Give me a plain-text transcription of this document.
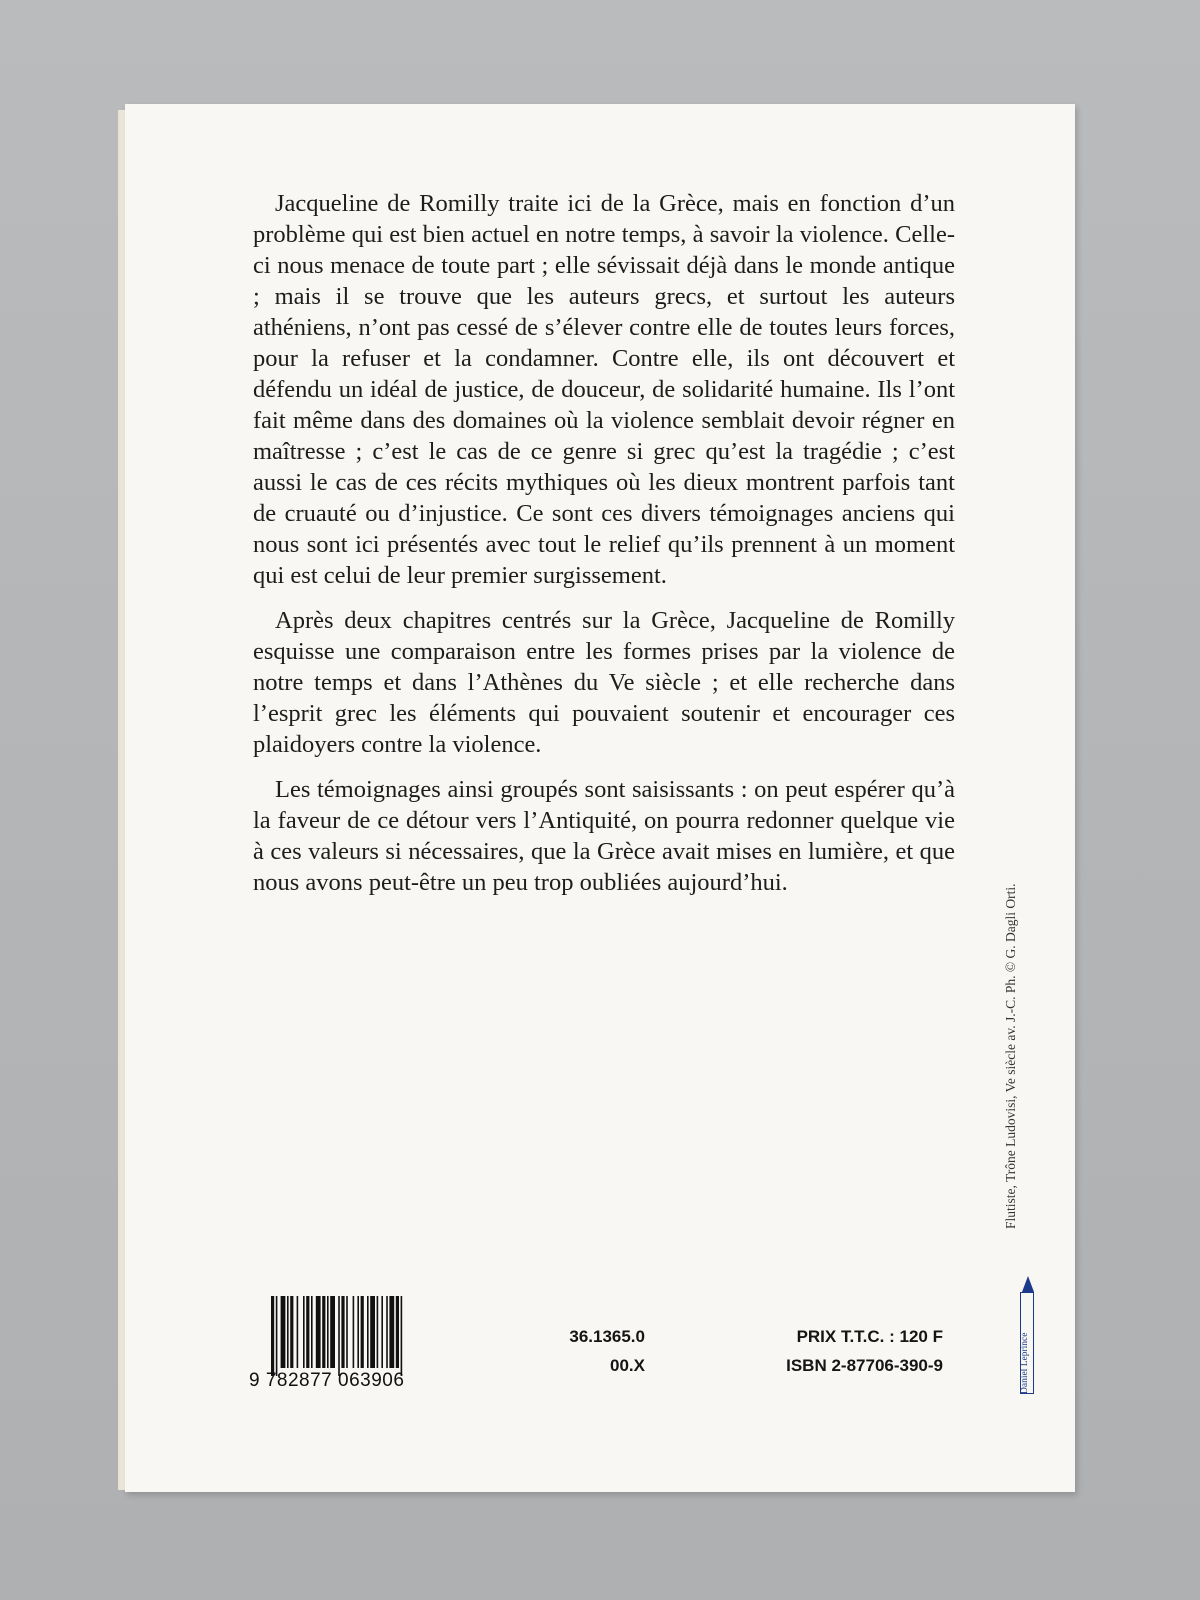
Jacqueline de Romilly traite ici de la Grèce, mais en fonction d’un problème qui est bien actuel en notre temps, à savoir la violence. Celle-ci nous menace de toute part ; elle sévissait déjà dans le monde antique ; mais il se trouve que les auteurs grecs, et surtout les auteurs athéniens, n’ont pas cessé de s’élever contre elle de toutes leurs forces, pour la refuser et la condamner. Contre elle, ils ont découvert et défendu un idéal de justice, de douceur, de solidarité humaine. Ils l’ont fait même dans des domaines où la violence semblait devoir régner en maîtresse ; c’est le cas de ce genre si grec qu’est la tragédie ; c’est aussi le cas de ces récits mythiques où les dieux montrent parfois tant de cruauté ou d’injustice. Ce sont ces divers témoignages anciens qui nous sont ici présentés avec tout le relief qu’ils prennent à un moment qui est celui de leur premier surgissement.

Après deux chapitres centrés sur la Grèce, Jacqueline de Romilly esquisse une comparaison entre les formes prises par la violence de notre temps et dans l’Athènes du Ve siècle ; et elle recherche dans l’esprit grec les éléments qui pouvaient soutenir et encourager ces plaidoyers contre la violence.

Les témoignages ainsi groupés sont saisissants : on peut espérer qu’à la faveur de ce détour vers l’Antiquité, on pourra redonner quelque vie à ces valeurs si nécessaires, que la Grèce avait mises en lumière, et que nous avons peut-être un peu trop oubliées aujourd’hui.

9 782877 063906
36.1365.0
00.X
PRIX T.T.C. : 120 F
ISBN 2-87706-390-9
Flutiste, Trône Ludovisi, Ve siècle av. J.-C. Ph. © G. Dagli Orti.
Daniel Leprince
